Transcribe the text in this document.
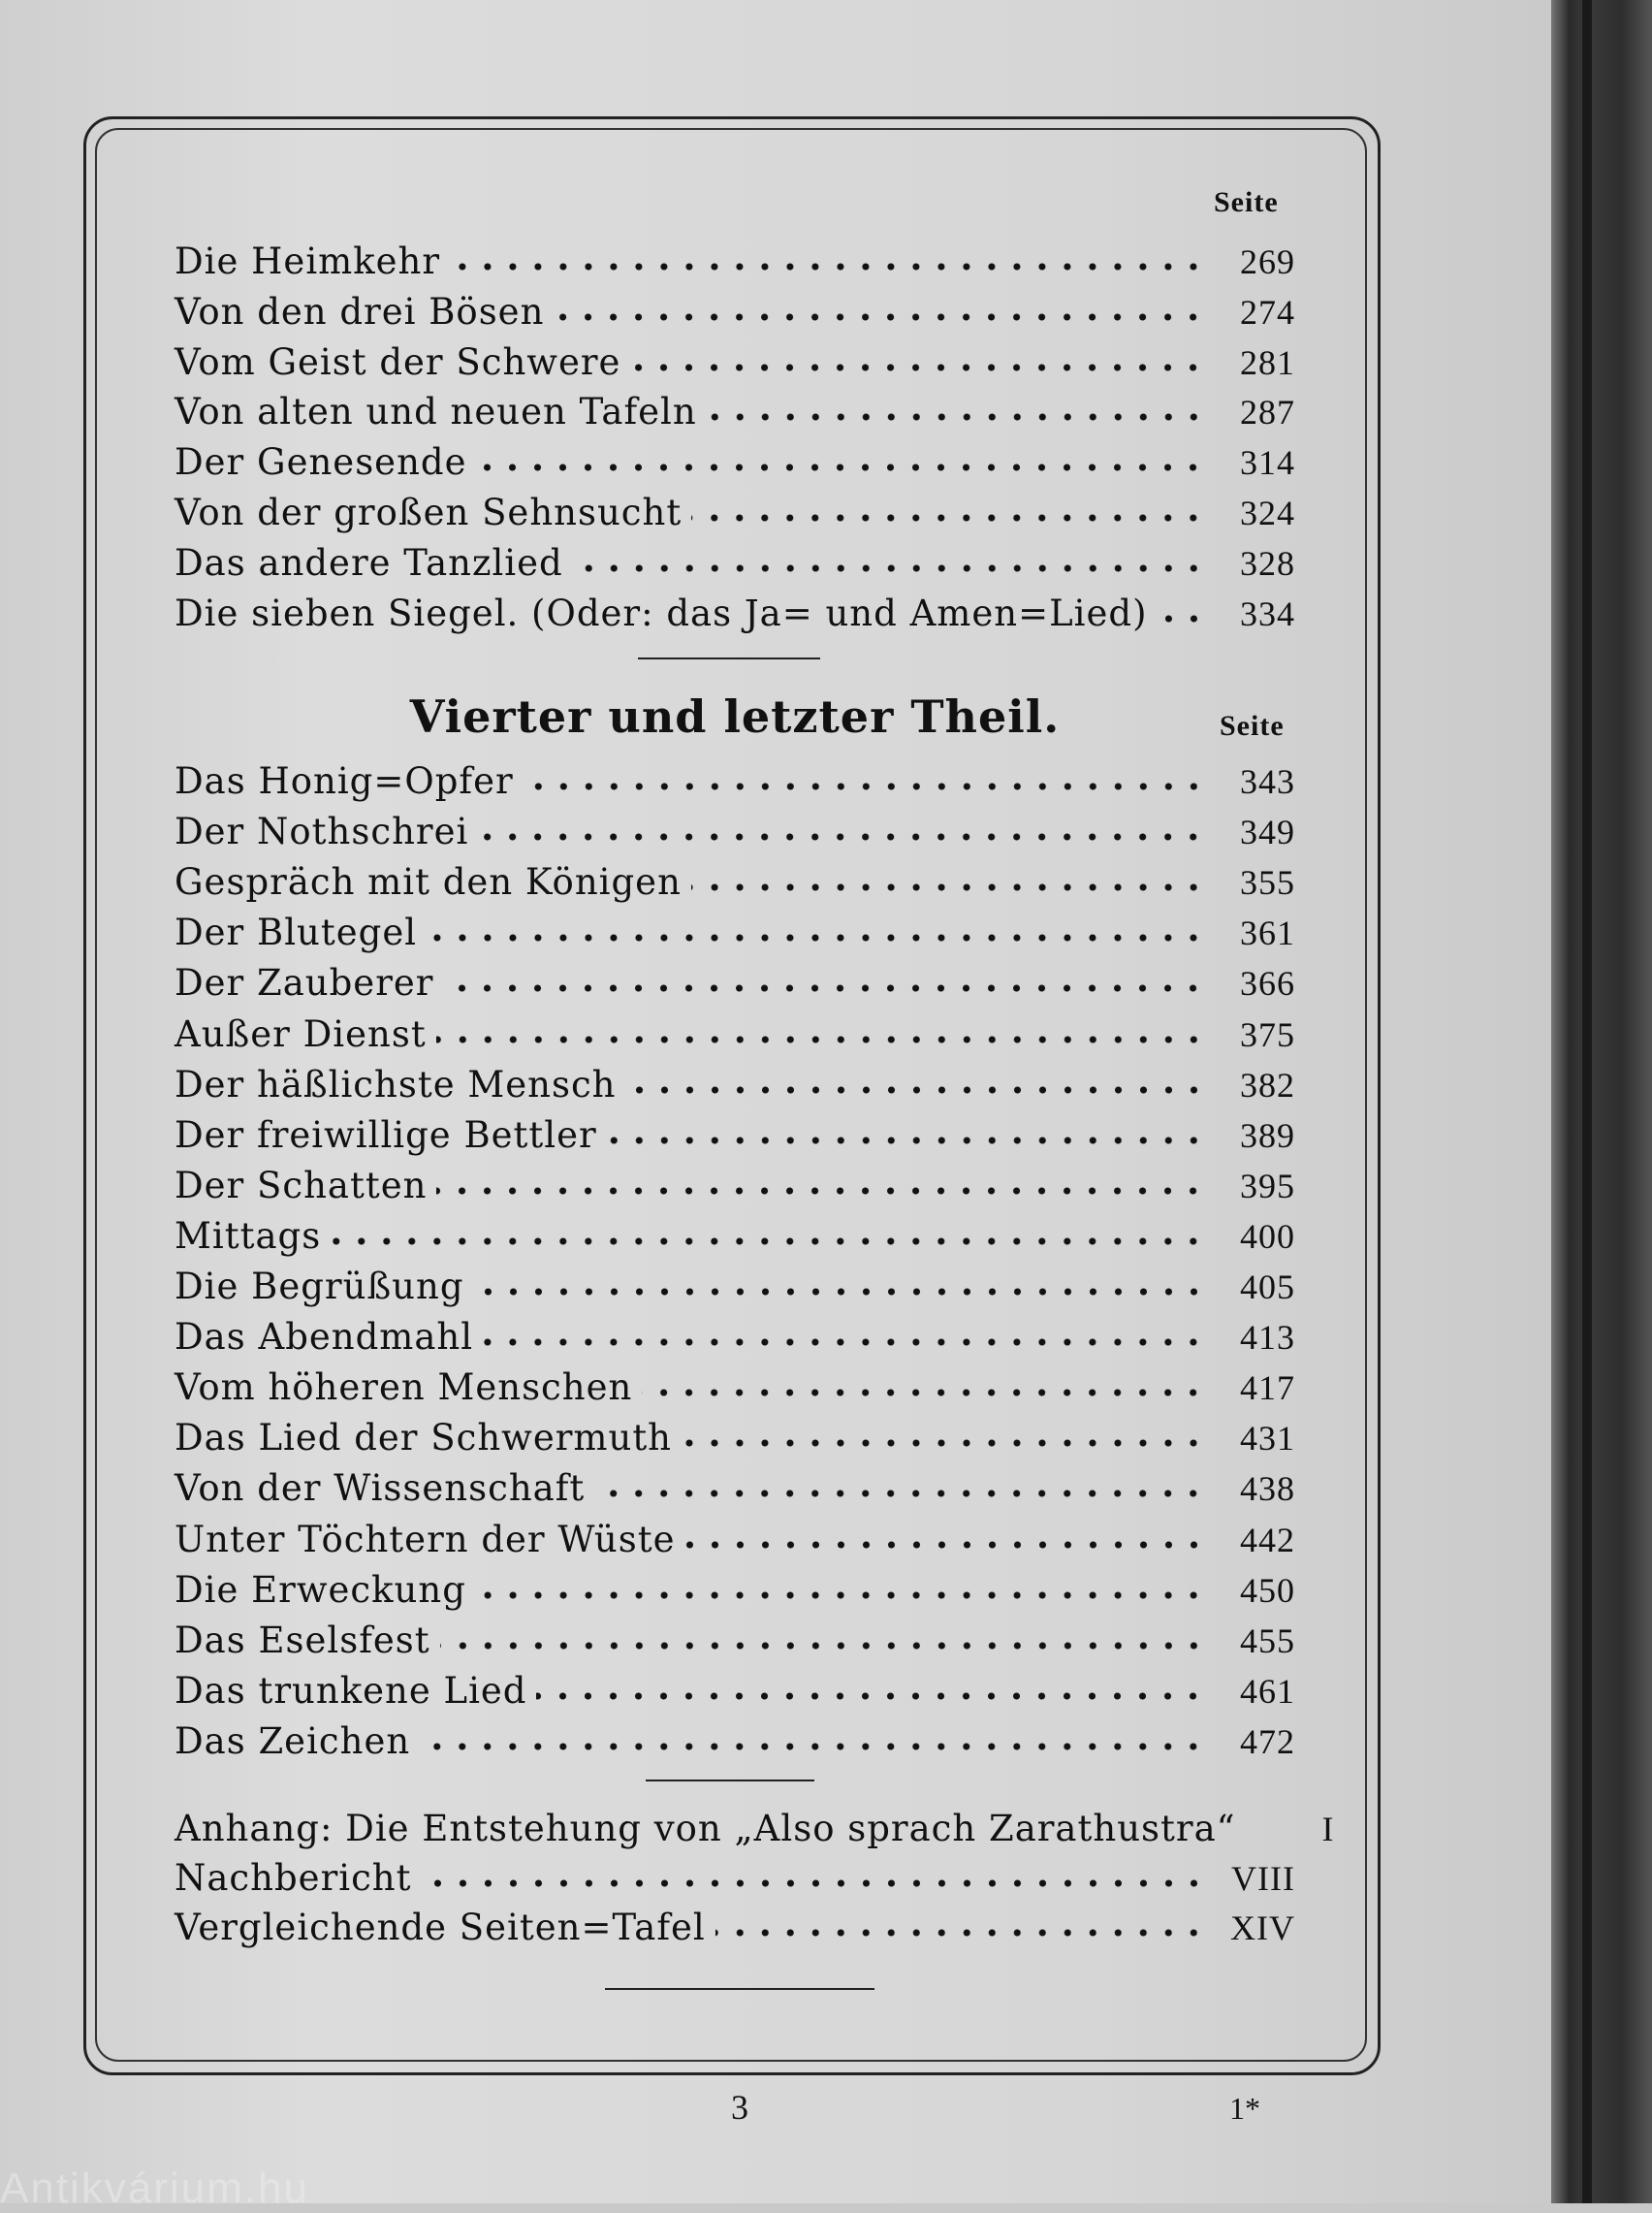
Seite
Die Heimkehr	269
Von den drei Bösen	274
Vom Geist der Schwere	281
Von alten und neuen Tafeln	287
Der Genesende	314
Von der großen Sehnsucht	324
Das andere Tanzlied	328
Die sieben Siegel. (Oder: das Ja= und Amen=Lied)	334
Vierter und letzter Theil.	Seite
Das Honig=Opfer	343
Der Nothschrei	349
Gespräch mit den Königen	355
Der Blutegel	361
Der Zauberer	366
Außer Dienst	375
Der häßlichste Mensch	382
Der freiwillige Bettler	389
Der Schatten	395
Mittags	400
Die Begrüßung	405
Das Abendmahl	413
Vom höheren Menschen	417
Das Lied der Schwermuth	431
Von der Wissenschaft	438
Unter Töchtern der Wüste	442
Die Erweckung	450
Das Eselsfest	455
Das trunkene Lied	461
Das Zeichen	472
Anhang: Die Entstehung von „Also sprach Zarathustra“	I
Nachbericht	VIII
Vergleichende Seiten=Tafel	XIV
3	1*
Antikvárium.hu
